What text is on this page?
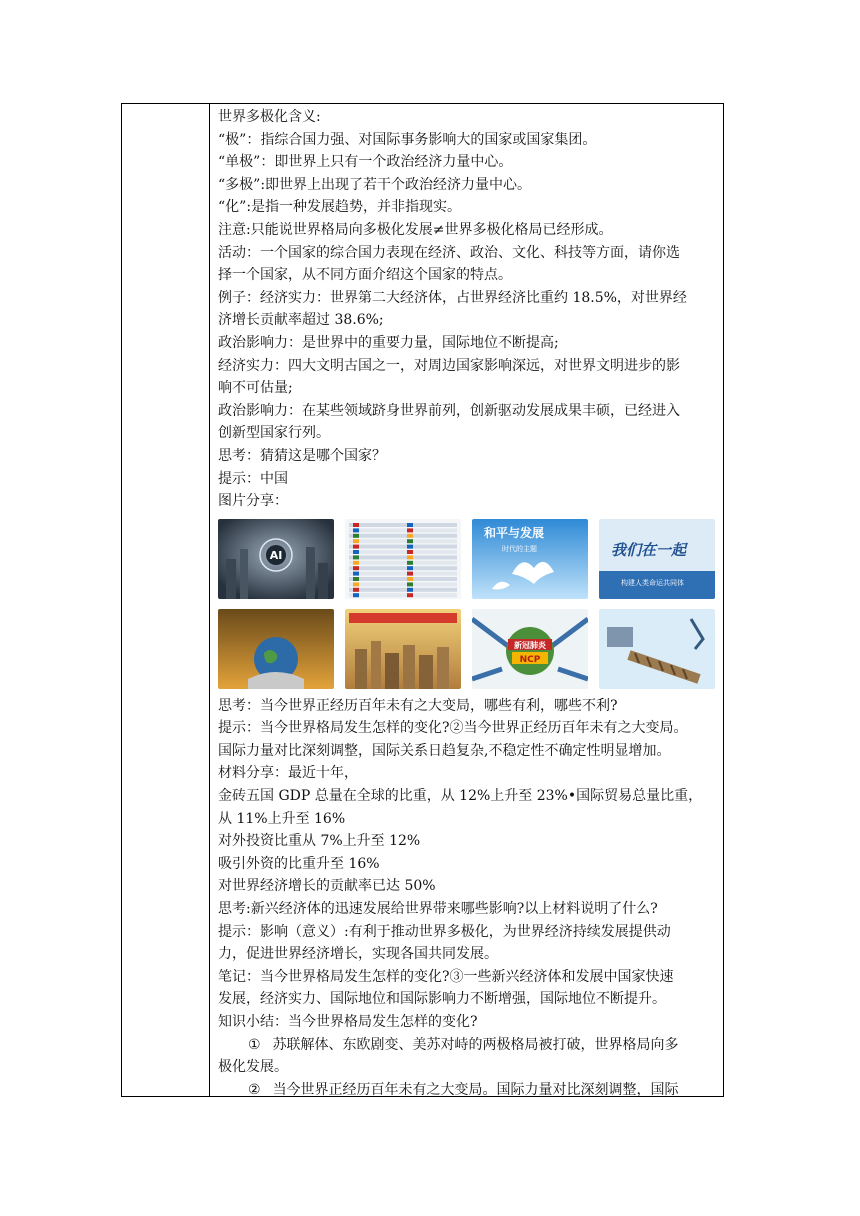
世界多极化含义:
“极”：指综合国力强、对国际事务影响大的国家或国家集团。
“单极”：即世界上只有一个政治经济力量中心。
“多极”:即世界上出现了若干个政治经济力量中心。
“化”:是指一种发展趋势，并非指现实。
注意:只能说世界格局向多极化发展≠世界多极化格局已经形成。
活动：一个国家的综合国力表现在经济、政治、文化、科技等方面，请你选
择一个国家，从不同方面介绍这个国家的特点。
例子：经济实力：世界第二大经济体，占世界经济比重约 18.5%，对世界经
济增长贡献率超过 38.6%;
政治影响力：是世界中的重要力量，国际地位不断提高;
经济实力：四大文明古国之一，对周边国家影响深远，对世界文明进步的影
响不可估量;
政治影响力：在某些领域跻身世界前列，创新驱动发展成果丰硕，已经进入
创新型国家行列。
思考：猜猜这是哪个国家？
提示：中国
图片分享：
AI
和平与发展
时代的主题	我们在一起
构建人类命运共同体
新冠肺炎
NCP
思考：当今世界正经历百年未有之大变局，哪些有利，哪些不利?
提示：当今世界格局发生怎样的变化?②当今世界正经历百年未有之大变局。
国际力量对比深刻调整，国际关系日趋复杂,不稳定性不确定性明显增加。
材料分享：最近十年，
金砖五国 GDP 总量在全球的比重，从 12%上升至 23%•国际贸易总量比重，
从 11%上升至 16%
对外投资比重从 7%上升至 12%
吸引外资的比重升至 16%
对世界经济增长的贡献率已达 50%
思考:新兴经济体的迅速发展给世界带来哪些影响?以上材料说明了什么?
提示：影响（意义）:有利于推动世界多极化，为世界经济持续发展提供动
力，促进世界经济增长，实现各国共同发展。
笔记：当今世界格局发生怎样的变化?③一些新兴经济体和发展中国家快速
发展，经济实力、国际地位和国际影响力不断增强，国际地位不断提升。
知识小结：当今世界格局发生怎样的变化?
① 苏联解体、东欧剧变、美苏对峙的两极格局被打破，世界格局向多
极化发展。
② 当今世界正经历百年未有之大变局。国际力量对比深刻调整，国际
